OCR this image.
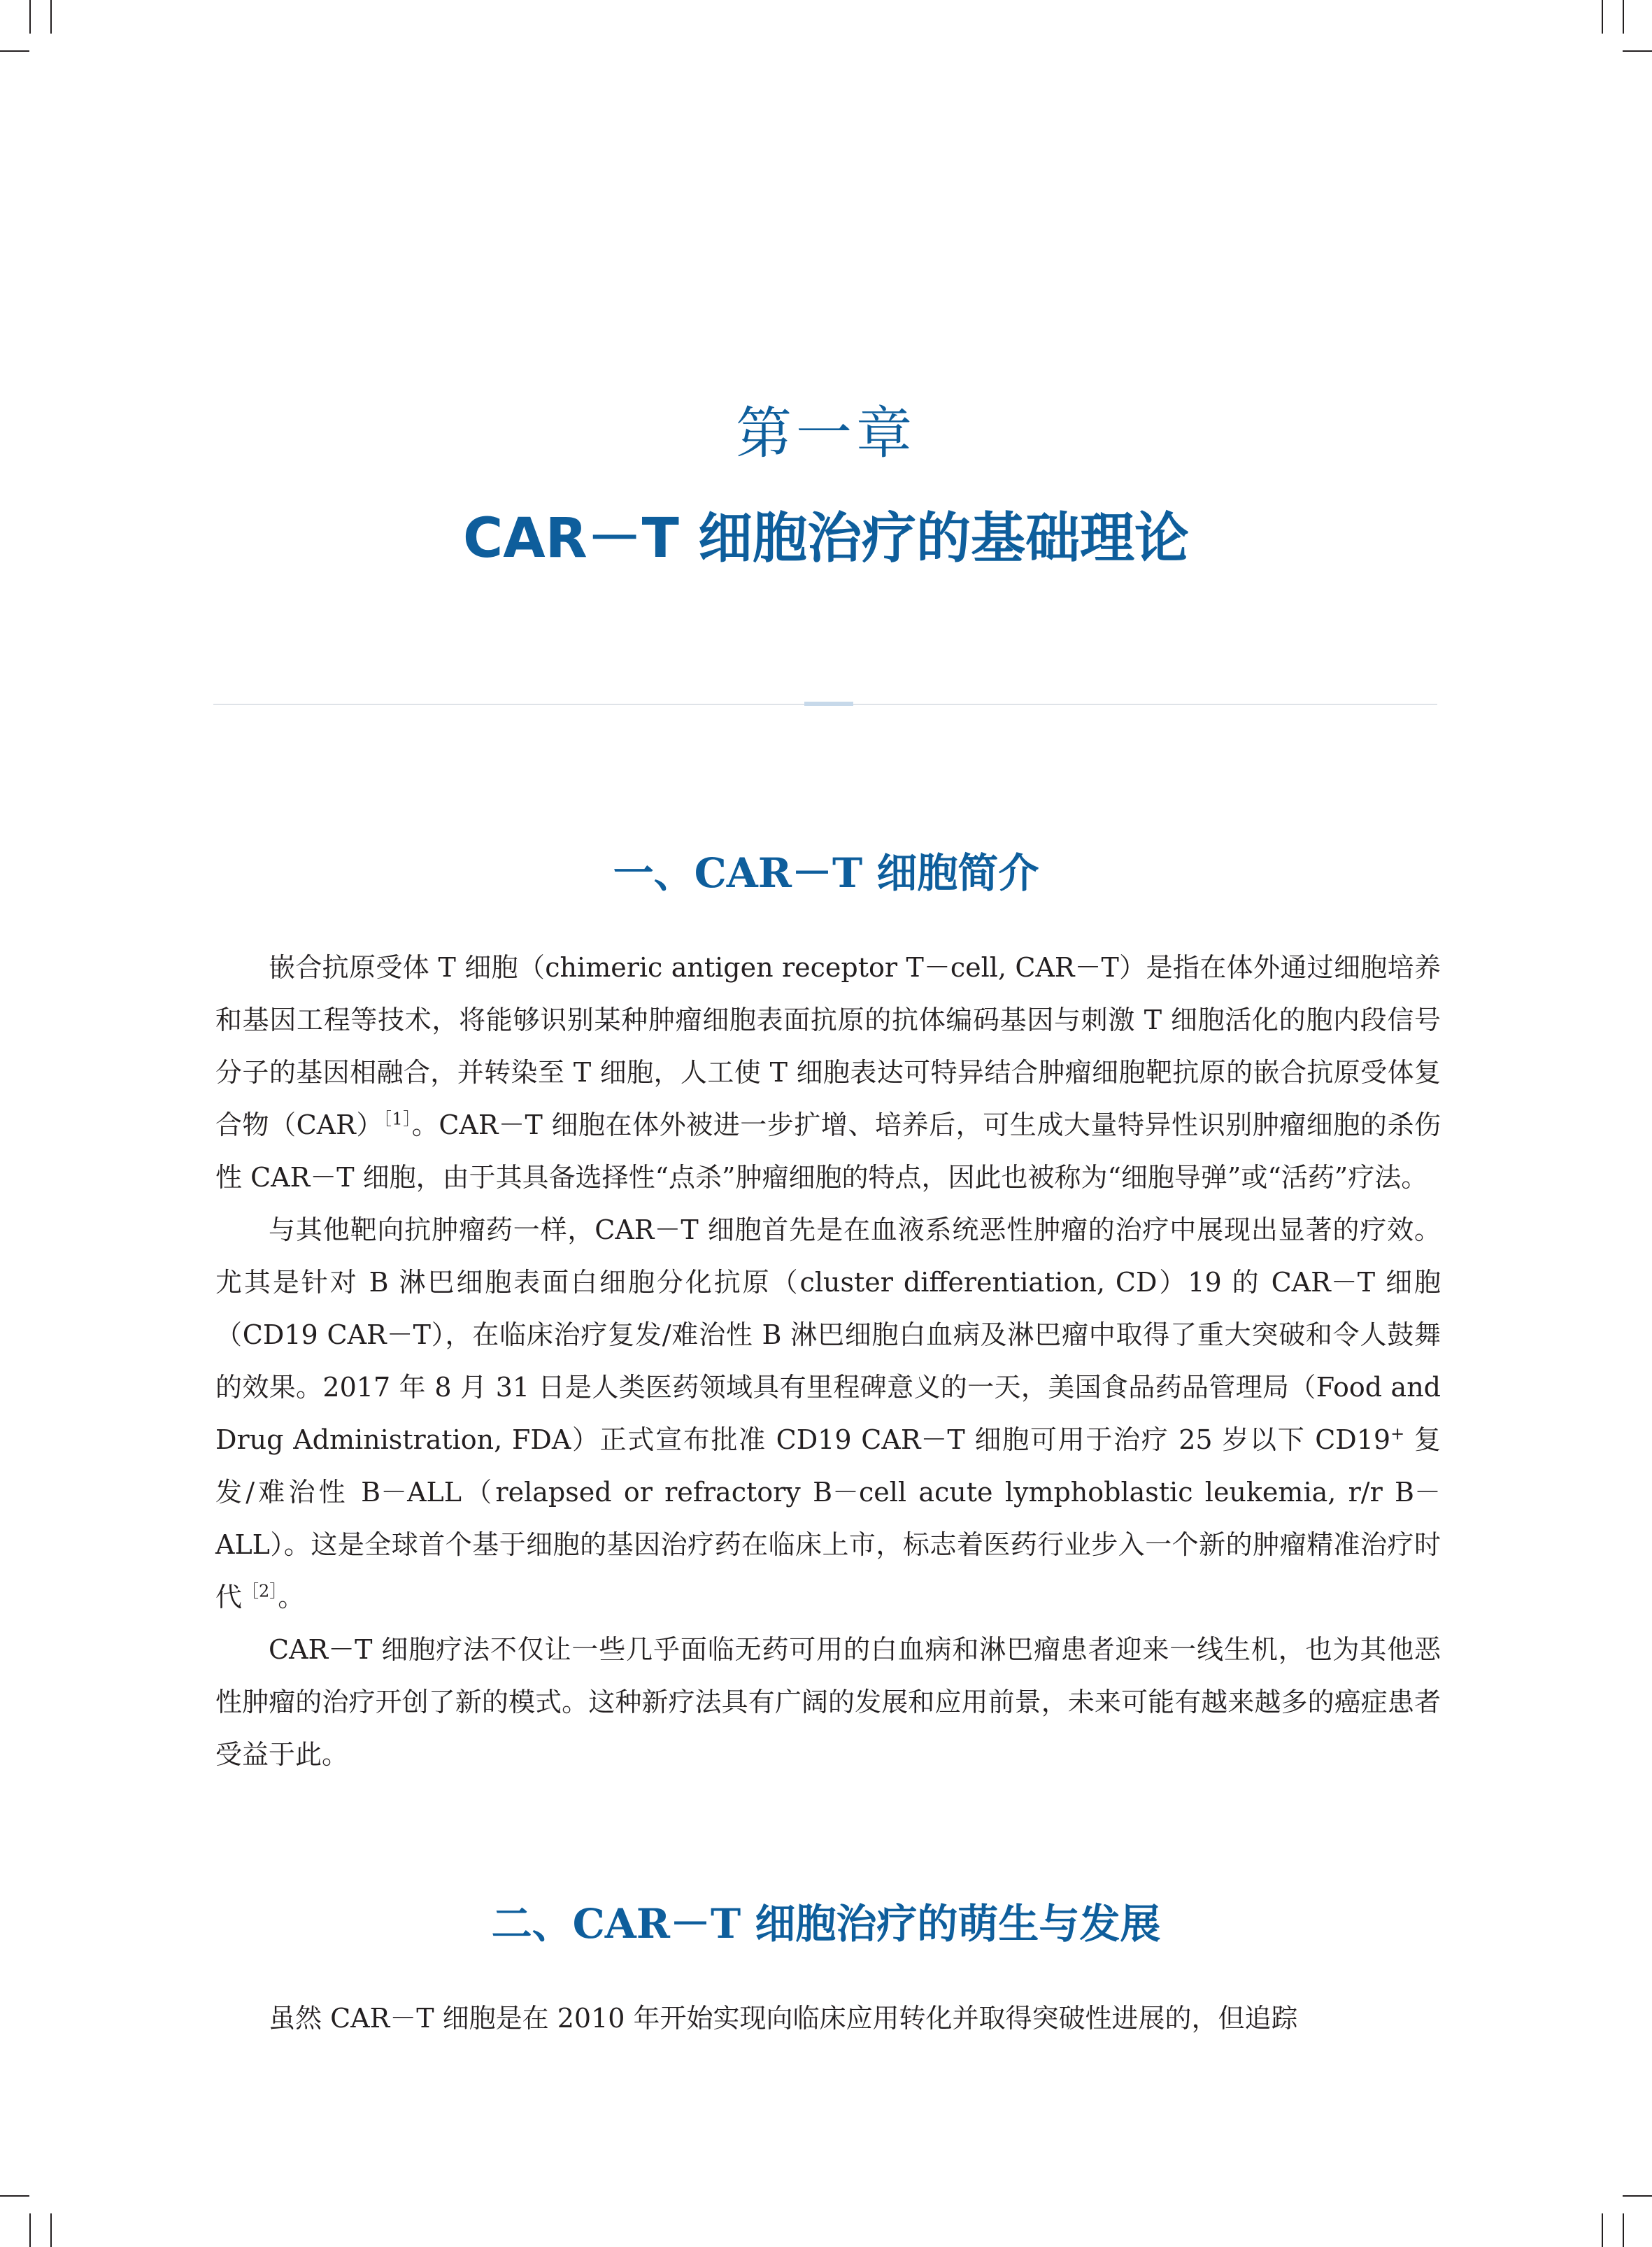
第一章
CAR－T 细胞治疗的基础理论
一、CAR－T 细胞简介

嵌合抗原受体 T 细胞（chimeric antigen receptor T－cell, CAR－T）是指在体外通过细胞培养和基因工程等技术，将能够识别某种肿瘤细胞表面抗原的抗体编码基因与刺激 T 细胞活化的胞内段信号分子的基因相融合，并转染至 T 细胞，人工使 T 细胞表达可特异结合肿瘤细胞靶抗原的嵌合抗原受体复合物（CAR）$^{[1]}$。CAR－T 细胞在体外被进一步扩增、培养后，可生成大量特异性识别肿瘤细胞的杀伤性 CAR－T 细胞，由于其具备选择性“点杀”肿瘤细胞的特点，因此也被称为“细胞导弹”或“活药”疗法。

与其他靶向抗肿瘤药一样，CAR－T 细胞首先是在血液系统恶性肿瘤的治疗中展现出显著的疗效。尤其是针对 B 淋巴细胞表面白细胞分化抗原（cluster differentiation, CD）19 的 CAR－T 细胞（CD19 CAR－T），在临床治疗复发/难治性 B 淋巴细胞白血病及淋巴瘤中取得了重大突破和令人鼓舞的效果。2017 年 8 月 31 日是人类医药领域具有里程碑意义的一天，美国食品药品管理局（Food and Drug Administration, FDA）正式宣布批准 CD19 CAR－T 细胞可用于治疗 25 岁以下 CD19+ 复发/难治性 B－ALL（relapsed or refractory B－cell acute lymphoblastic leukemia, r/r B－ALL）。这是全球首个基于细胞的基因治疗药在临床上市，标志着医药行业步入一个新的肿瘤精准治疗时代$^{[2]}$。

CAR－T 细胞疗法不仅让一些几乎面临无药可用的白血病和淋巴瘤患者迎来一线生机，也为其他恶性肿瘤的治疗开创了新的模式。这种新疗法具有广阔的发展和应用前景，未来可能有越来越多的癌症患者受益于此。

二、CAR－T 细胞治疗的萌生与发展

虽然 CAR－T 细胞是在 2010 年开始实现向临床应用转化并取得突破性进展的，但追踪
